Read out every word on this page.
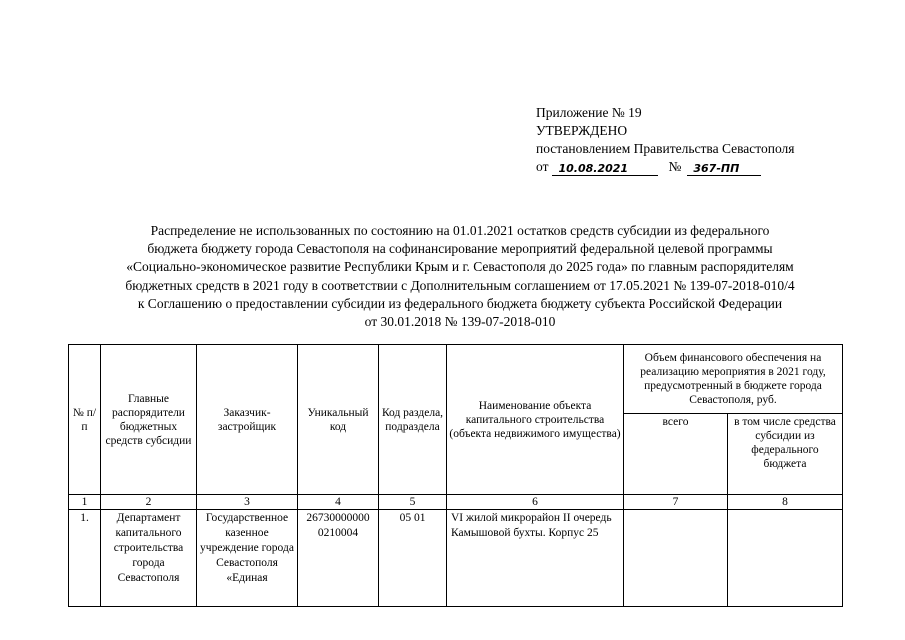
Приложение № 19
УТВЕРЖДЕНО
постановлением Правительства Севастополя
от 10.08.2021	№	367-ПП
Распределение не использованных по состоянию на 01.01.2021 остатков средств субсидии из федерального
бюджета бюджету города Севастополя на софинансирование мероприятий федеральной целевой программы
«Социально-экономическое развитие Республики Крым и г. Севастополя до 2025 года» по главным распорядителям
бюджетных средств в 2021 году в соответствии с Дополнительным соглашением от 17.05.2021 № 139-07-2018-010/4
к Соглашению о предоставлении субсидии из федерального бюджета бюджету субъекта Российской Федерации
от 30.01.2018 № 139-07-2018-010
№ п/п	Главные распорядители бюджетных средств субсидии	Заказчик-застройщик	Уникальный код	Код раздела, подраздела	Наименование объекта капитального строительства (объекта недвижимого имущества)	Объем финансового обеспечения на реализацию мероприятия в 2021 году, предусмотренный в бюджете города Севастополя, руб.	
						всего	в том числе средства субсидии из федерального бюджета
1	2	3	4	5	6	7	8
1.	Департамент капитального строительства города Севастополя	Государственное казенное учреждение города Севастополя «Единая	26730000000 0210004	05 01	VI жилой микрорайон II очередь Камышовой бухты. Корпус 25		
